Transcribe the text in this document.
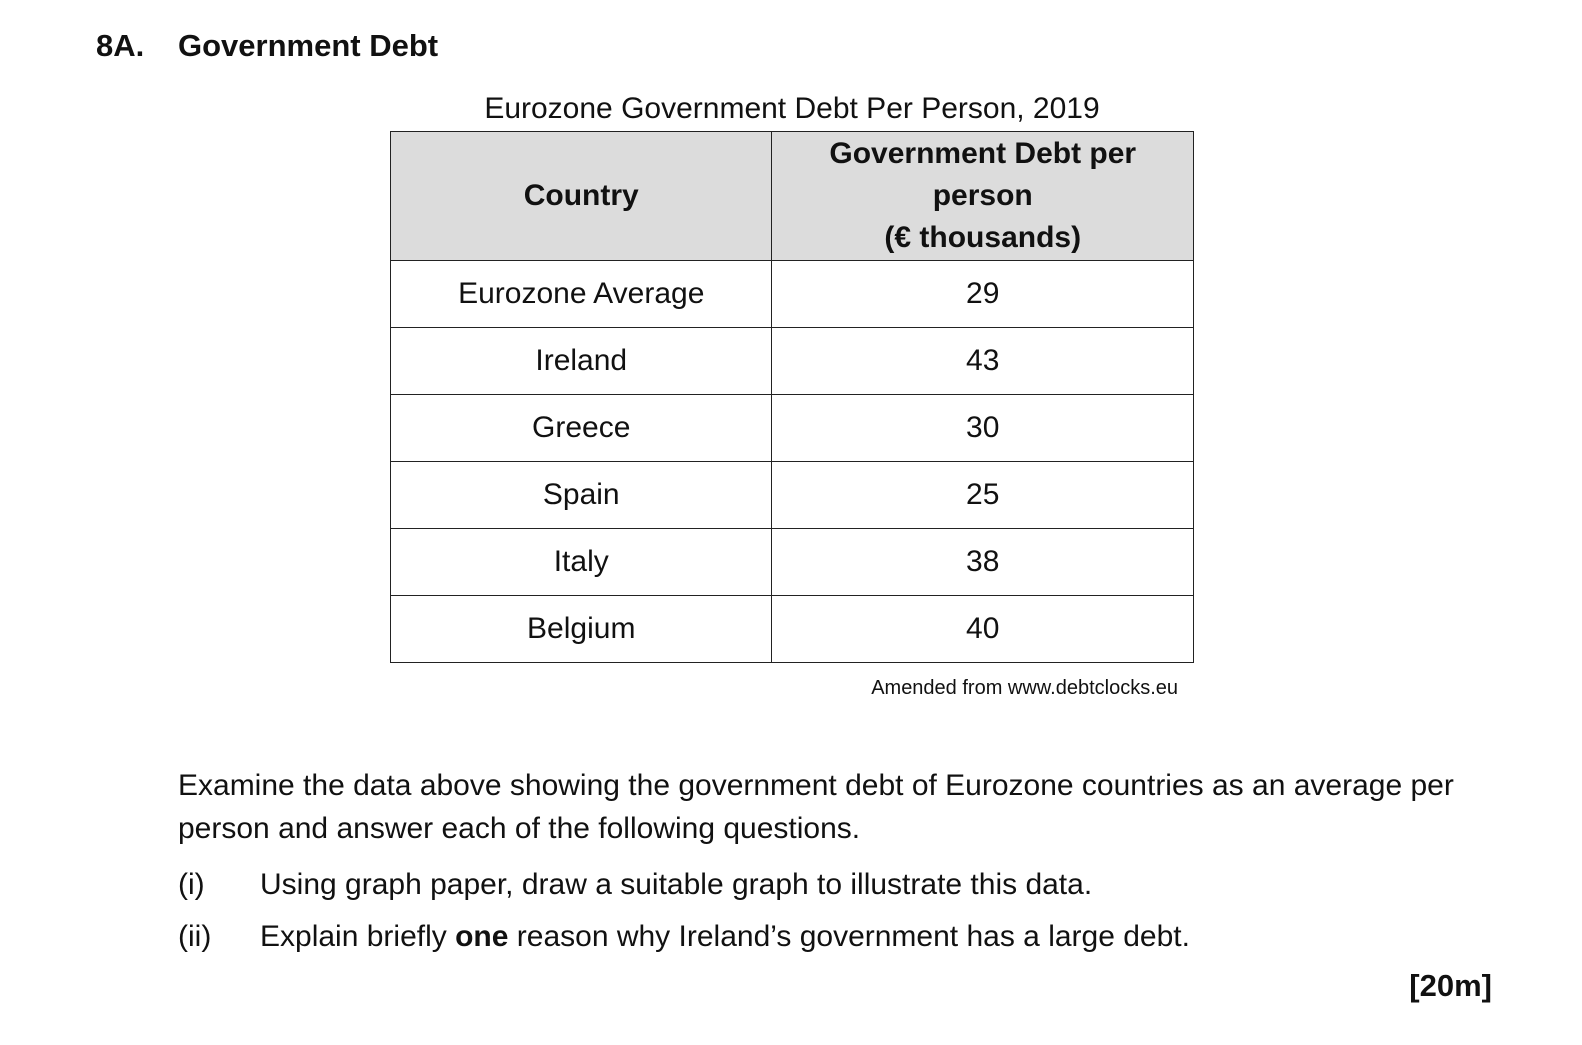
8A. Government Debt
Eurozone Government Debt Per Person, 2019
Country	Government Debt per
person
(€ thousands)

Eurozone Average	29
Ireland	43
Greece	30
Spain	25
Italy	38
Belgium	40
Amended from www.debtclocks.eu
Examine the data above showing the government debt of Eurozone countries as an average per person and answer each of the following questions.
(i) Using graph paper, draw a suitable graph to illustrate this data.
(ii) Explain briefly one reason why Ireland’s government has a large debt.
[20m]
